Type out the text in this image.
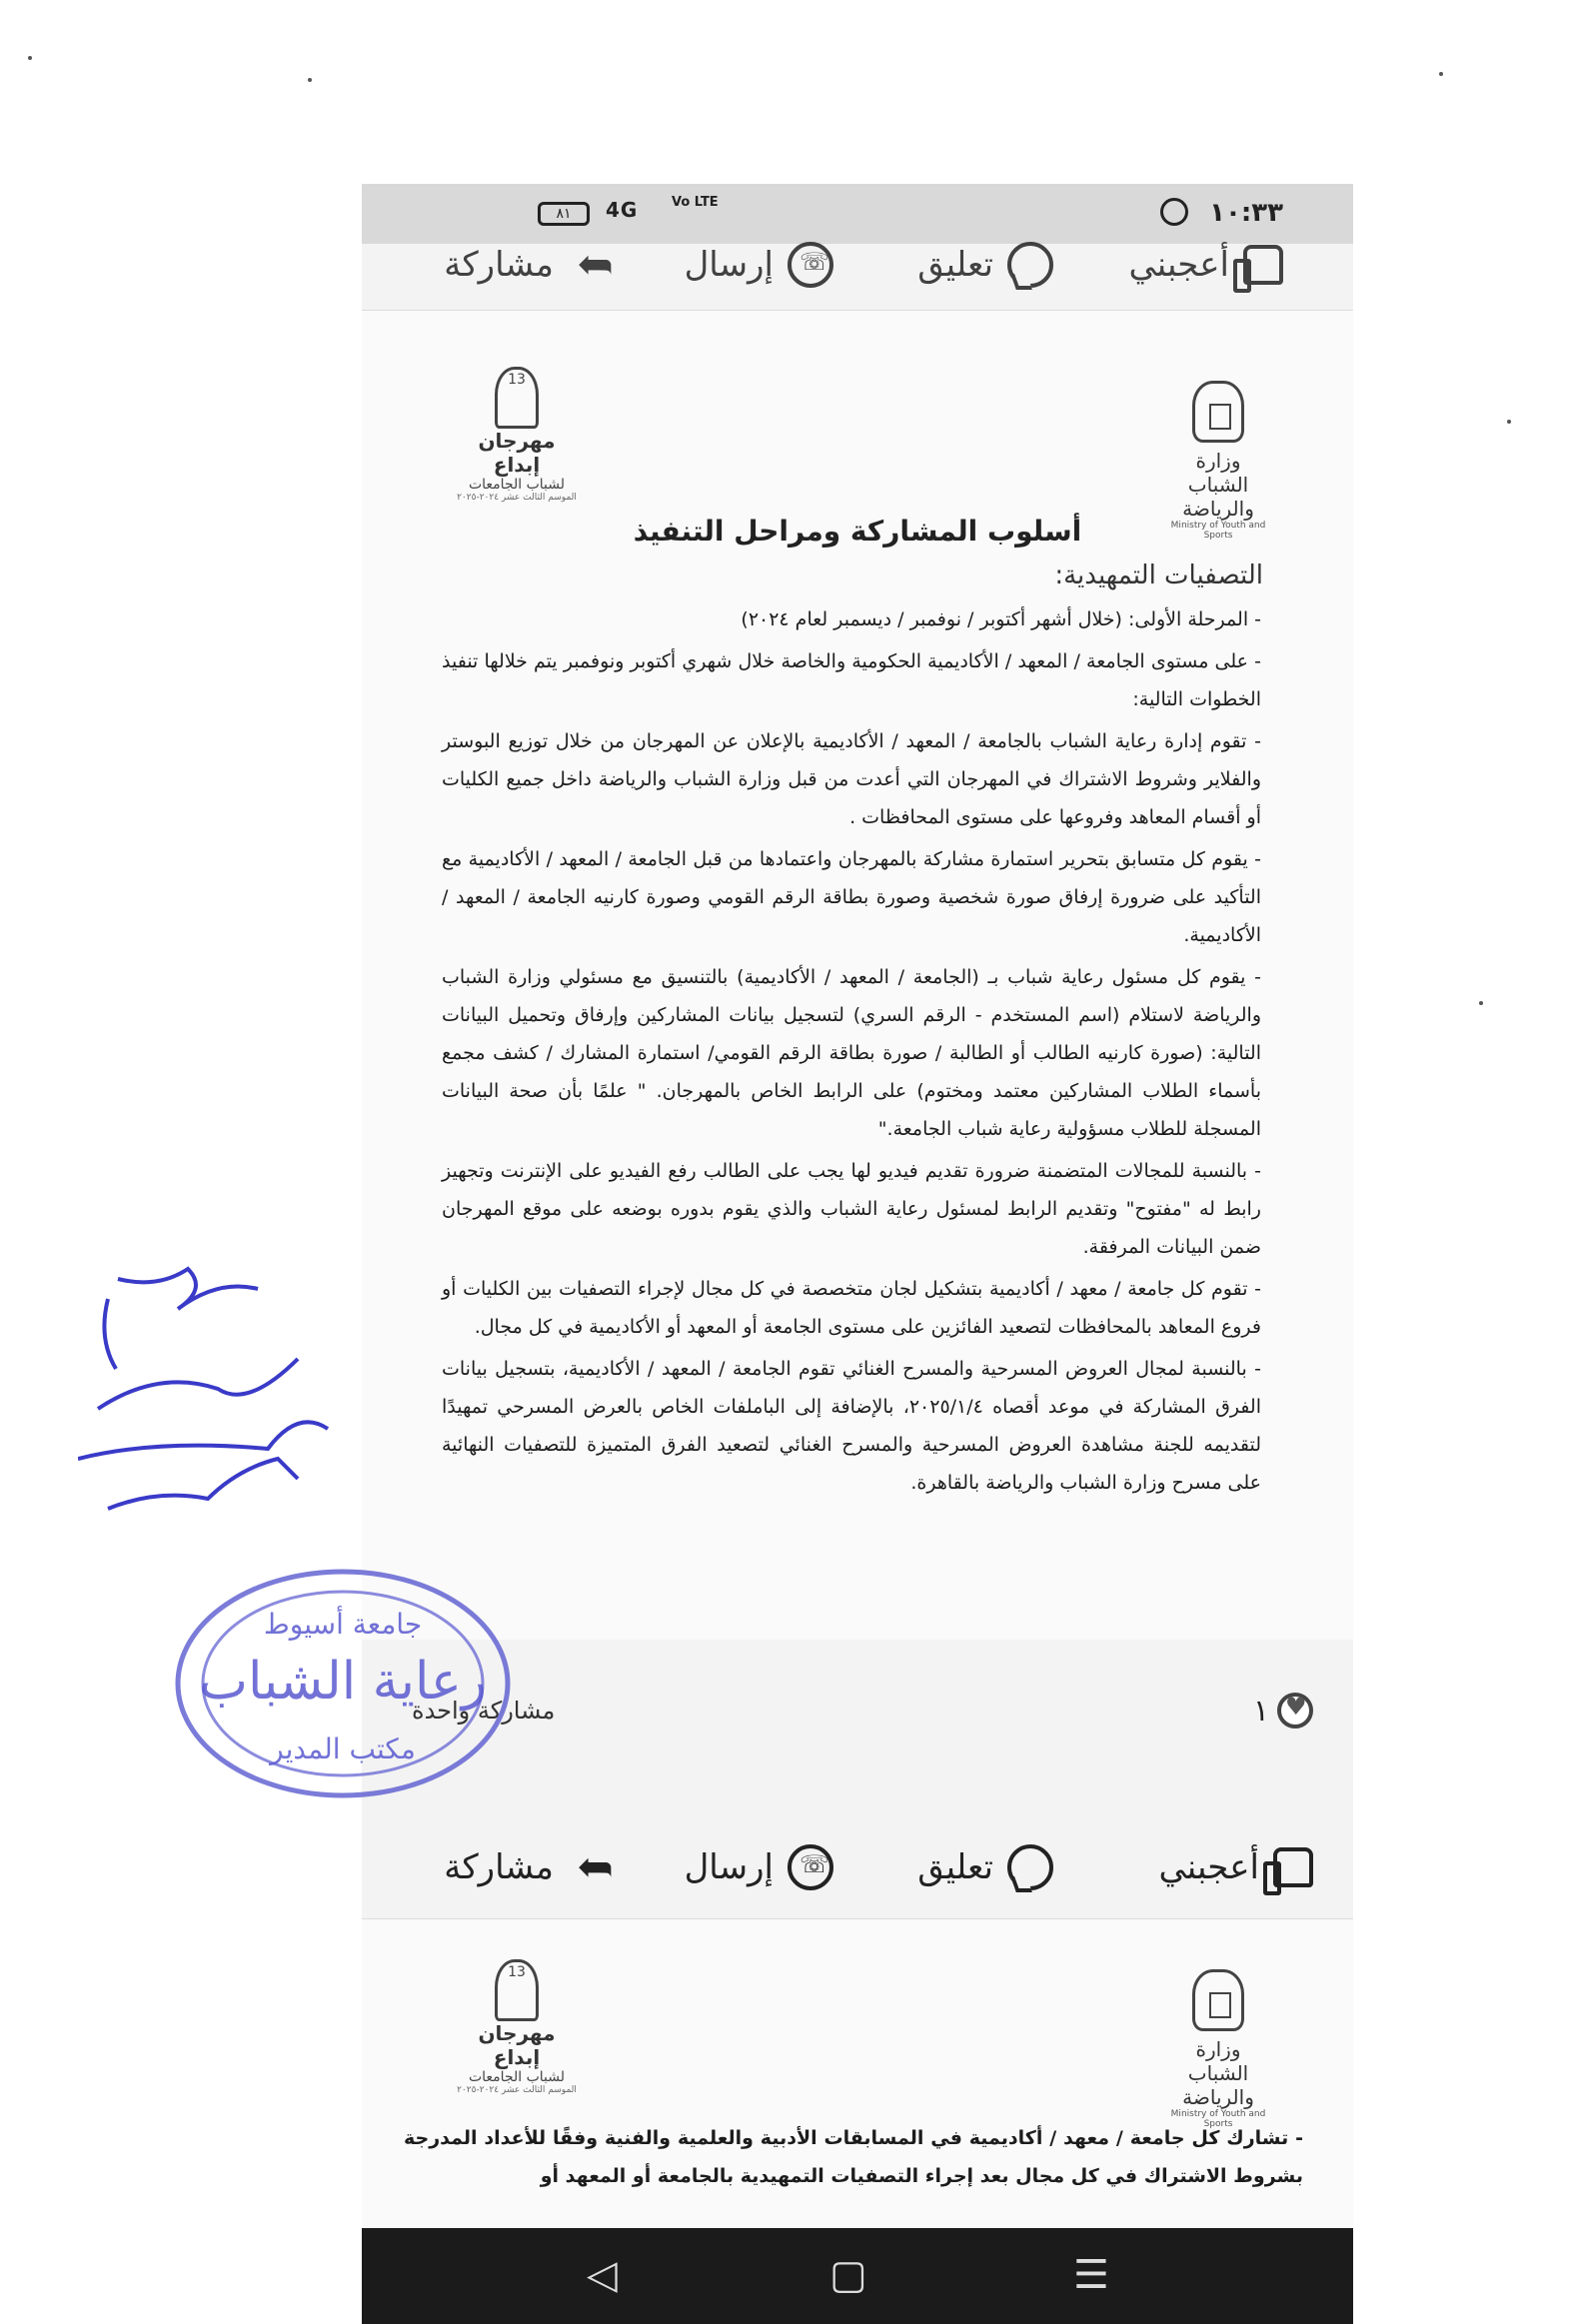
١٠:٣٣
٨١	4G	Vo LTE
أعجبني
تعليق
☏
إرسال
➦
مشاركة
وزارة الشباب والرياضة
Ministry of Youth and Sports
13
مهرجان إبداع
لشباب الجامعات
الموسم الثالث عشر ٢٠٢٤-٢٠٢٥
أسلوب المشاركة ومراحل التنفيذ
التصفيات التمهيدية:

- المرحلة الأولى: (خلال أشهر أكتوبر / نوفمبر / ديسمبر لعام ٢٠٢٤)

- على مستوى الجامعة / المعهد / الأكاديمية الحكومية والخاصة خلال شهري أكتوبر ونوفمبر يتم خلالها تنفيذ الخطوات التالية:

- تقوم إدارة رعاية الشباب بالجامعة / المعهد / الأكاديمية بالإعلان عن المهرجان من خلال توزيع البوستر والفلاير وشروط الاشتراك في المهرجان التي أعدت من قبل وزارة الشباب والرياضة داخل جميع الكليات أو أقسام المعاهد وفروعها على مستوى المحافظات .

- يقوم كل متسابق بتحرير استمارة مشاركة بالمهرجان واعتمادها من قبل الجامعة / المعهد / الأكاديمية مع التأكيد على ضرورة إرفاق صورة شخصية وصورة بطاقة الرقم القومي وصورة كارنيه الجامعة / المعهد / الأكاديمية.

- يقوم كل مسئول رعاية شباب بـ (الجامعة / المعهد / الأكاديمية) بالتنسيق مع مسئولي وزارة الشباب والرياضة لاستلام (اسم المستخدم - الرقم السري) لتسجيل بيانات المشاركين وإرفاق وتحميل البيانات التالية: (صورة كارنيه الطالب أو الطالبة / صورة بطاقة الرقم القومي/ استمارة المشارك / كشف مجمع بأسماء الطلاب المشاركين معتمد ومختوم) على الرابط الخاص بالمهرجان. " علمًا بأن صحة البيانات المسجلة للطلاب مسؤولية رعاية شباب الجامعة."

- بالنسبة للمجالات المتضمنة ضرورة تقديم فيديو لها يجب على الطالب رفع الفيديو على الإنترنت وتجهيز رابط له "مفتوح" وتقديم الرابط لمسئول رعاية الشباب والذي يقوم بدوره بوضعه على موقع المهرجان ضمن البيانات المرفقة.

- تقوم كل جامعة / معهد / أكاديمية بتشكيل لجان متخصصة في كل مجال لإجراء التصفيات بين الكليات أو فروع المعاهد بالمحافظات لتصعيد الفائزين على مستوى الجامعة أو المعهد أو الأكاديمية في كل مجال.

- بالنسبة لمجال العروض المسرحية والمسرح الغنائي تقوم الجامعة / المعهد / الأكاديمية، بتسجيل بيانات الفرق المشاركة في موعد أقصاه ٢٠٢٥/١/٤، بالإضافة إلى الباملفات الخاص بالعرض المسرحي تمهيدًا لتقديمه للجنة مشاهدة العروض المسرحية والمسرح الغنائي لتصعيد الفرق المتميزة للتصفيات النهائية على مسرح وزارة الشباب والرياضة بالقاهرة.

♥
١
مشاركة واحدة
أعجبني
تعليق
☏
إرسال
➦
مشاركة
وزارة الشباب والرياضة
Ministry of Youth and Sports
13
مهرجان إبداع
لشباب الجامعات
الموسم الثالث عشر ٢٠٢٤-٢٠٢٥

- تشارك كل جامعة / معهد / أكاديمية في المسابقات الأدبية والعلمية والفنية وفقًا للأعداد المدرجة بشروط الاشتراك في كل مجال بعد إجراء التصفيات التمهيدية بالجامعة أو المعهد أو

◁	▢	☰
جامعة أسيوط
رعاية الشباب
مكتب المدير
